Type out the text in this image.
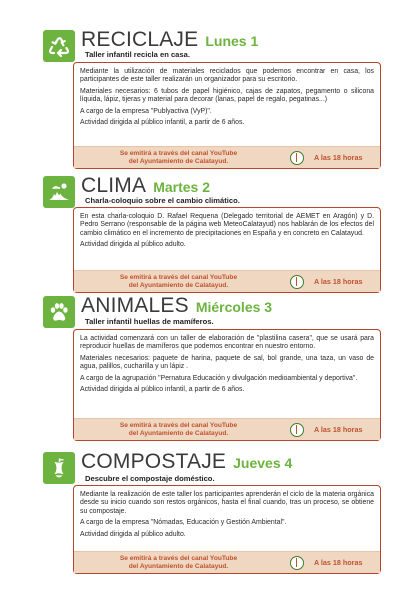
RECICLAJE Lunes 1
Taller infantil recicla en casa.

Mediante la utilización de materiales reciclados que podemos encontrar en casa, los participantes de este taller realizarán un organizador para su escritorio.

Materiales necesarios: 6 tubos de papel higiénico, cajas de zapatos, pegamento o silicona líquida, lápiz, tijeras y material para decorar (lanas, papel de regalo, pegatinas...)

A cargo de la empresa "Publyactiva (VyP)".

Actividad dirigida al público infantil, a partir de 6 años.

Se emitirá a través del canal YouTube
del Ayuntamiento de Calatayud.	A las 18 horas
CLIMA Martes 2
Charla-coloquio sobre el cambio climático.

En esta charla-coloquio D. Rafael Requena (Delegado territorial de AEMET en Aragón) y D. Pedro Serrano (responsable de la página web MeteoCalatayud) nos hablarán de los efectos del cambio climático en el incremento de precipitaciones en España y en concreto en Calatayud.

Actividad dirigida al público adulto.

Se emitirá a través del canal YouTube
del Ayuntamiento de Calatayud.	A las 18 horas
ANIMALES Miércoles 3
Taller infantil huellas de mamíferos.

La actividad comenzará con un taller de elaboración de "plastilina casera", que se usará para reproducir huellas de mamíferos que podemos encontrar en nuestro entorno.

Materiales necesarios: paquete de harina, paquete de sal, bol grande, una taza, un vaso de agua, palillos, cucharilla y un lápiz .

A cargo de la agrupación "Pernatura Educación y divulgación medioambiental y deportiva".

Actividad dirigida al público infantil, a partir de 6 años.

Se emitirá a través del canal YouTube
del Ayuntamiento de Calatayud.	A las 18 horas
COMPOSTAJE Jueves 4
Descubre el compostaje doméstico.

Mediante la realización de este taller los participantes aprenderán el ciclo de la materia orgánica desde su inicio cuando son restos orgánicos, hasta el final cuando, tras un proceso, se obtiene su compostaje.

A cargo de la empresa "Nómadas, Educación y Gestión Ambiental".

Actividad dirigida al público adulto.

Se emitirá a través del canal YouTube
del Ayuntamiento de Calatayud.	A las 18 horas
